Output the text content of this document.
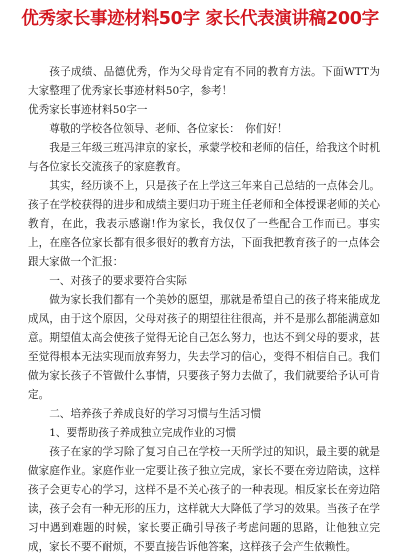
优秀家长事迹材料50字 家长代表演讲稿200字

孩子成绩、品德优秀，作为父母肯定有不同的教育方法。下面WTT为大家整理了优秀家长事迹材料50字，参考！

优秀家长事迹材料50字一

尊敬的学校各位领导、老师、各位家长：　你们好！

我是三年级三班冯津京的家长，承蒙学校和老师的信任，给我这个时机与各位家长交流孩子的家庭教育。

其实，经历谈不上，只是孩子在上学这三年来自己总结的一点体会儿。孩子在学校获得的进步和成绩主要归功于班主任老师和全体授课老师的关心教育，在此，我表示感谢!作为家长，我仅仅了一些配合工作而已。事实上，在座各位家长都有很多很好的教育方法，下面我把教育孩子的一点体会跟大家做一个汇报：

一、对孩子的要求要符合实际

做为家长我们都有一个美妙的愿望，那就是希望自己的孩子将来能成龙成凤，由于这个原因，父母对孩子的期望往往很高，并不是那么都能满意如意。期望值太高会使孩子觉得无论自己怎么努力，也达不到父母的要求，甚至觉得根本无法实现而放弃努力，失去学习的信心，变得不相信自己。我们做为家长孩子不管做什么事情，只要孩子努力去做了，我们就要给予认可肯定。

二、培养孩子养成良好的学习习惯与生活习惯

1、要帮助孩子养成独立完成作业的习惯

孩子在家的学习除了复习自己在学校一天所学过的知识，最主要的就是做家庭作业。家庭作业一定要让孩子独立完成，家长不要在旁边陪读，这样孩子会更专心的学习，这样不是不关心孩子的一种表现。相反家长在旁边陪读，孩子会有一种无形的压力，这样就大大降低了学习的效果。当孩子在学习中遇到难题的时候，家长要正确引导孩子考虑问题的思路，让他独立完成，家长不要不耐烦，不要直接告诉他答案，这样孩子会产生依赖性。
